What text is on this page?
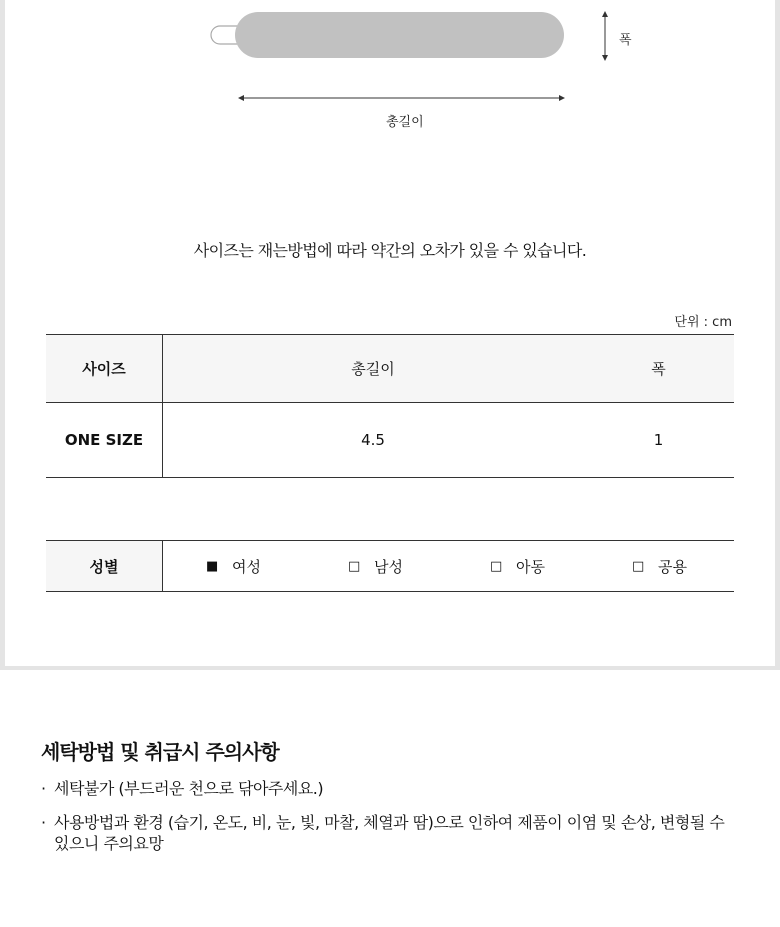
폭
총길이
사이즈는 재는방법에 따라 약간의 오차가 있을 수 있습니다.
단위 : cm
사이즈	총길이	폭
ONE SIZE	4.5	1
성별	■ 여성	□ 남성	□ 아동	□ 공용
세탁방법 및 취급시 주의사항
· 세탁불가 (부드러운 천으로 닦아주세요.)
· 사용방법과 환경 (습기, 온도, 비, 눈, 빛, 마찰, 체열과 땀)으로 인하여 제품이 이염 및 손상, 변형될 수 있으니 주의요망
